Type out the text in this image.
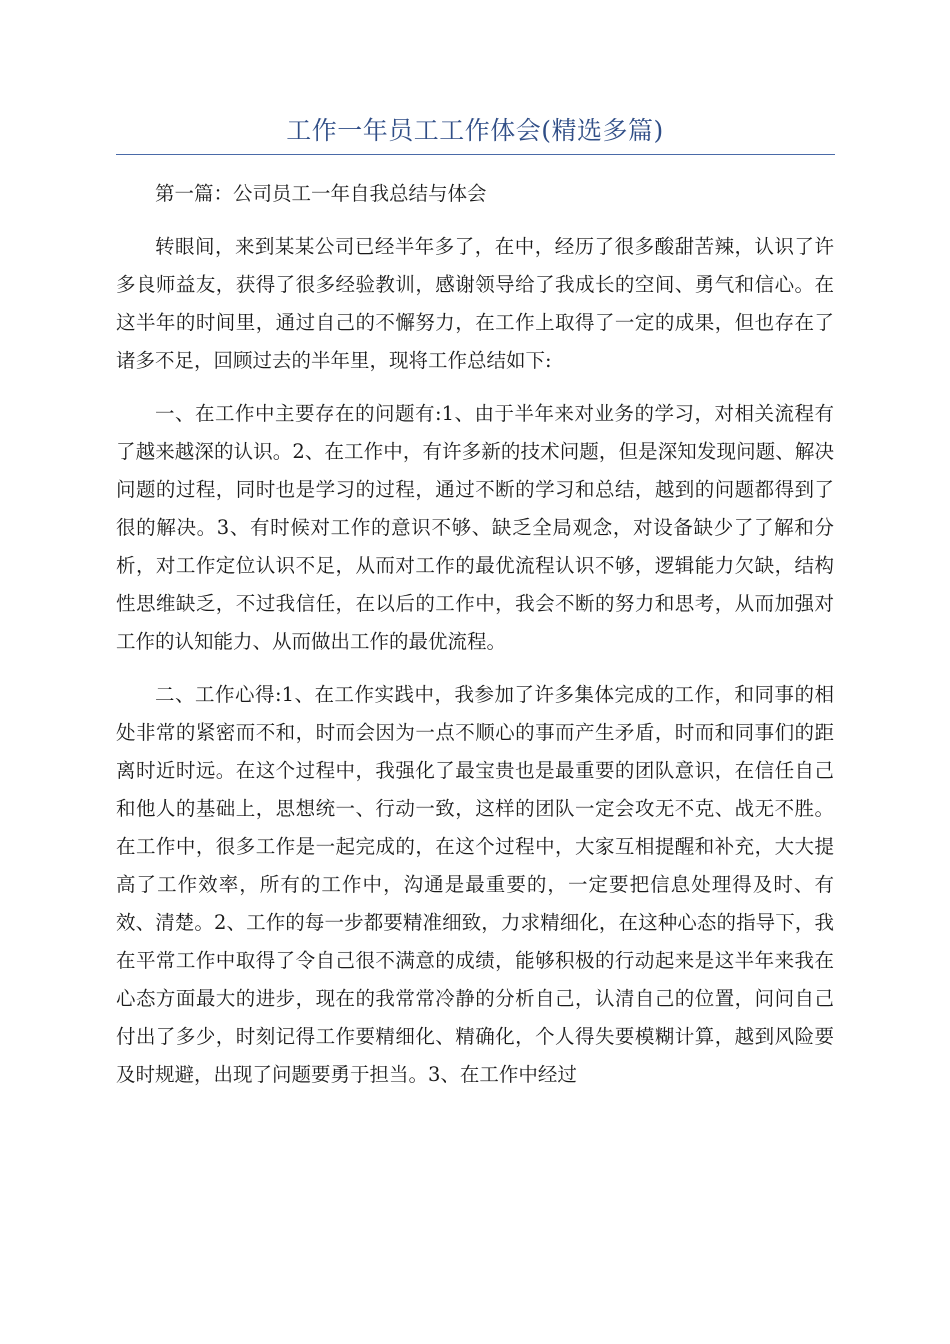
工作一年员工工作体会(精选多篇)

第一篇：公司员工一年自我总结与体会

转眼间，来到某某公司已经半年多了，在中，经历了很多酸甜苦辣，认识了许多良师益友，获得了很多经验教训，感谢领导给了我成长的空间、勇气和信心。在这半年的时间里，通过自己的不懈努力，在工作上取得了一定的成果，但也存在了诸多不足，回顾过去的半年里，现将工作总结如下:

一、在工作中主要存在的问题有:1、由于半年来对业务的学习，对相关流程有了越来越深的认识。2、在工作中，有许多新的技术问题，但是深知发现问题、解决问题的过程，同时也是学习的过程，通过不断的学习和总结，越到的问题都得到了很的解决。3、有时候对工作的意识不够、缺乏全局观念，对设备缺少了了解和分析，对工作定位认识不足，从而对工作的最优流程认识不够，逻辑能力欠缺，结构性思维缺乏，不过我信任，在以后的工作中，我会不断的努力和思考，从而加强对工作的认知能力、从而做出工作的最优流程。

二、工作心得:1、在工作实践中，我参加了许多集体完成的工作，和同事的相处非常的紧密而不和，时而会因为一点不顺心的事而产生矛盾，时而和同事们的距离时近时远。在这个过程中，我强化了最宝贵也是最重要的团队意识，在信任自己和他人的基础上，思想统一、行动一致，这样的团队一定会攻无不克、战无不胜。在工作中，很多工作是一起完成的，在这个过程中，大家互相提醒和补充，大大提高了工作效率，所有的工作中，沟通是最重要的，一定要把信息处理得及时、有效、清楚。2、工作的每一步都要精准细致，力求精细化，在这种心态的指导下，我在平常工作中取得了令自己很不满意的成绩，能够积极的行动起来是这半年来我在心态方面最大的进步，现在的我常常冷静的分析自己，认清自己的位置，问问自己付出了多少，时刻记得工作要精细化、精确化，个人得失要模糊计算，越到风险要及时规避，出现了问题要勇于担当。3、在工作中经过
